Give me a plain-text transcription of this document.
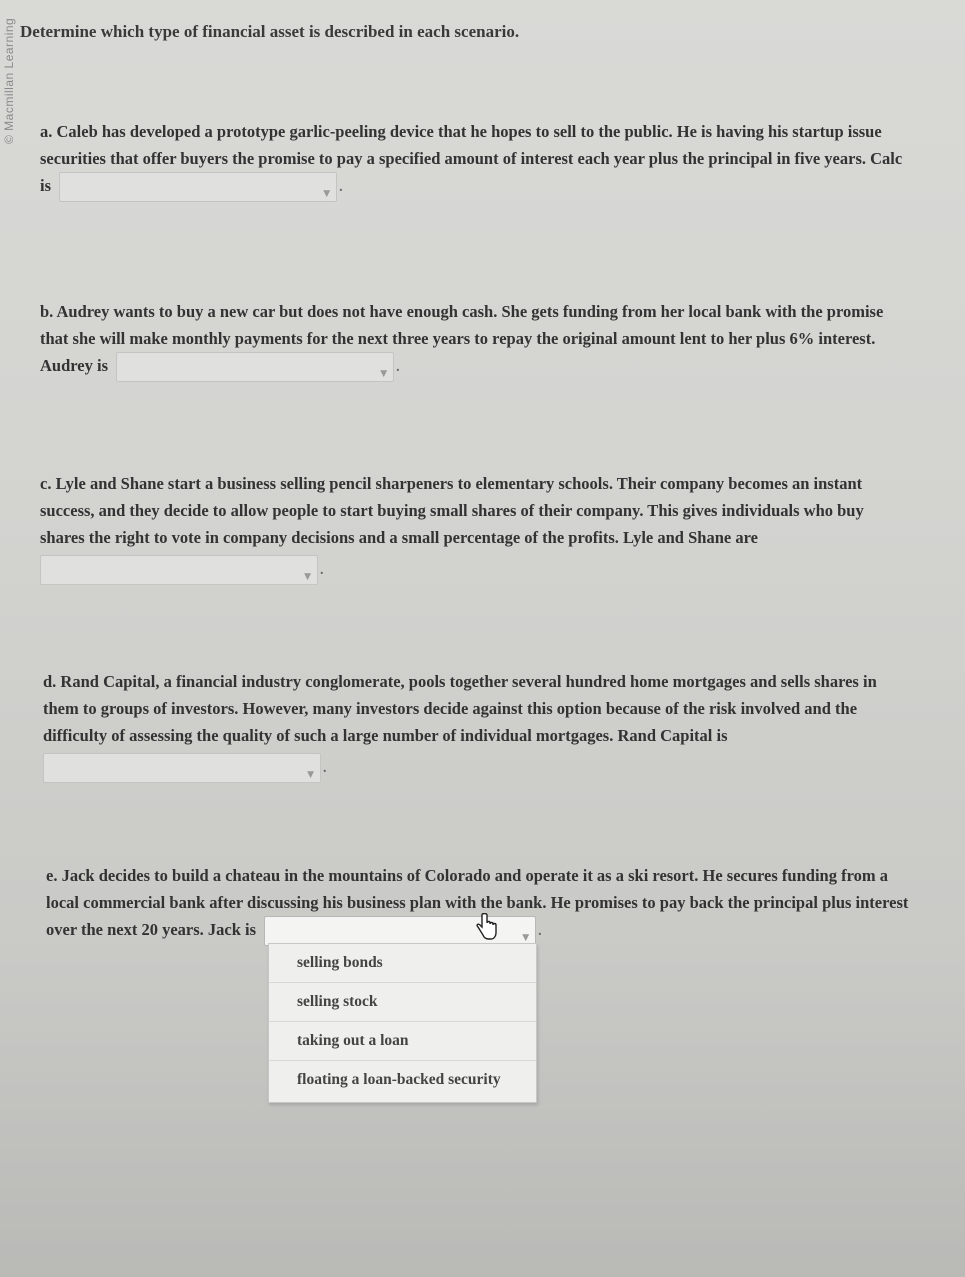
© Macmillan Learning Determine which type of financial asset is described in each scenario.

a. Caleb has developed a prototype garlic-peeling device that he hopes to sell to the public. He is having his startup issue

securities that offer buyers the promise to pay a specified amount of interest each year plus the principal in five years. Calc

is	▼ .

b. Audrey wants to buy a new car but does not have enough cash. She gets funding from her local bank with the promise

that she will make monthly payments for the next three years to repay the original amount lent to her plus 6% interest.

Audrey is	▼ .

c. Lyle and Shane start a business selling pencil sharpeners to elementary schools. Their company becomes an instant

success, and they decide to allow people to start buying small shares of their company. This gives individuals who buy

shares the right to vote in company decisions and a small percentage of the profits. Lyle and Shane are

▼ .

d. Rand Capital, a financial industry conglomerate, pools together several hundred home mortgages and sells shares in

them to groups of investors. However, many investors decide against this option because of the risk involved and the

difficulty of assessing the quality of such a large number of individual mortgages. Rand Capital is

▼ .

e. Jack decides to build a chateau in the mountains of Colorado and operate it as a ski resort. He secures funding from a

local commercial bank after discussing his business plan with the bank. He promises to pay back the principal plus interest

over the next 20 years. Jack is	▼ .

selling bonds
selling stock
taking out a loan
floating a loan-backed security
